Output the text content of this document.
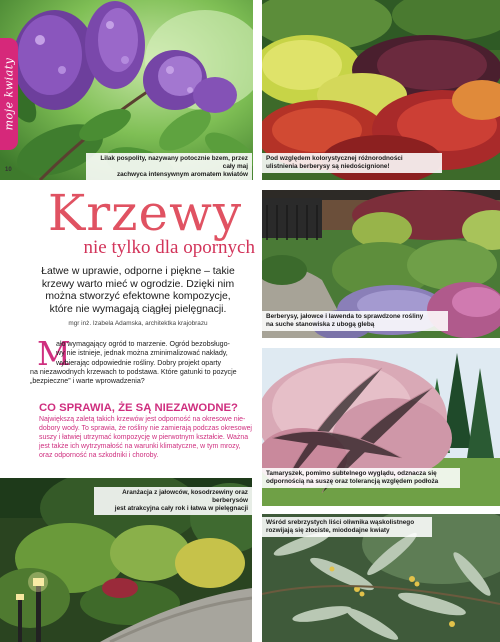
Lilak pospolity, nazywany potocznie bzem, przez cały maj
zachwyca intensywnym aromatem kwiatów
Pod względem kolorystycznej różnorodności
ulistnienia berberysy są niedoścignione!
Berberysy, jałowce i lawenda to sprawdzone rośliny
na suche stanowiska z ubogą glebą
Tamaryszek, pomimo subtelnego wyglądu, odznacza się
odpornością na suszę oraz tolerancją względem podłoża
Aranżacja z jałowców, kosodrzewiny oraz berberysów
jest atrakcyjna cały rok i łatwa w pielęgnacji
Wśród srebrzystych liści oliwnika wąskolistnego
rozwijają się złociste, miododajne kwiaty
moje kwiaty
10
Krzewy
nie tylko dla opornych
Łatwe w uprawie, odporne i piękne – takie
krzewy warto mieć w ogrodzie. Dzięki nim
można stworzyć efektowne kompozycje,
które nie wymagają ciągłej pielęgnacji.
mgr inż. Izabela Adamska, architektka krajobrazu
M
ało wymagający ogród to marzenie. Ogród bezobsługo-
wy nie istnieje, jednak można zminimalizować nakłady,
wybierając odpowiednie rośliny. Dobry projekt oparty
na niezawodnych krzewach to podstawa. Które gatunki to pozycje
„bezpieczne” i warte wprowadzenia?
CO SPRAWIA, ŻE SĄ NIEZAWODNE?
Największą zaletą takich krzewów jest odporność na okresowe nie-
dobory wody. To sprawia, że rośliny nie zamierają podczas okresowej
suszy i łatwiej utrzymać kompozycję w pierwotnym kształcie. Ważna
jest także ich wytrzymałość na warunki klimatyczne, w tym mrozy,
oraz odporność na szkodniki i choroby.
